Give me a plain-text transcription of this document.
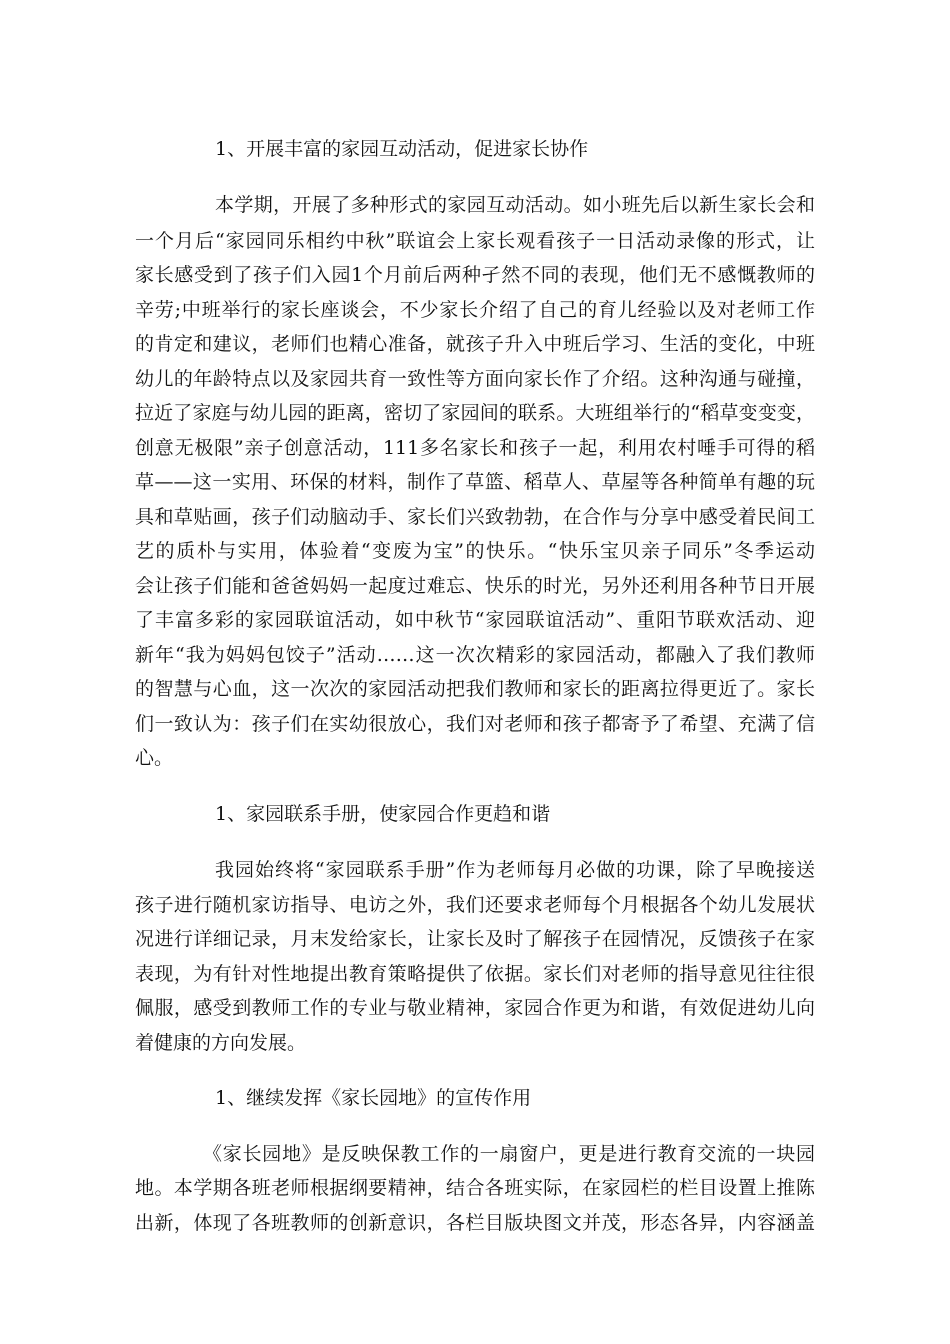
1、开展丰富的家园互动活动，促进家长协作
本学期，开展了多种形式的家园互动活动。如小班先后以新生家长会和
一个月后“家园同乐相约中秋”联谊会上家长观看孩子一日活动录像的形式，让
家长感受到了孩子们入园1个月前后两种孑然不同的表现，他们无不感慨教师的
辛劳;中班举行的家长座谈会，不少家长介绍了自己的育儿经验以及对老师工作
的肯定和建议，老师们也精心准备，就孩子升入中班后学习、生活的变化，中班
幼儿的年龄特点以及家园共育一致性等方面向家长作了介绍。这种沟通与碰撞，
拉近了家庭与幼儿园的距离，密切了家园间的联系。大班组举行的“稻草变变变，
创意无极限”亲子创意活动，111多名家长和孩子一起，利用农村唾手可得的稻
草——这一实用、环保的材料，制作了草篮、稻草人、草屋等各种简单有趣的玩
具和草贴画，孩子们动脑动手、家长们兴致勃勃，在合作与分享中感受着民间工
艺的质朴与实用，体验着“变废为宝”的快乐。“快乐宝贝亲子同乐”冬季运动
会让孩子们能和爸爸妈妈一起度过难忘、快乐的时光，另外还利用各种节日开展
了丰富多彩的家园联谊活动，如中秋节“家园联谊活动”、重阳节联欢活动、迎
新年“我为妈妈包饺子”活动……这一次次精彩的家园活动，都融入了我们教师
的智慧与心血，这一次次的家园活动把我们教师和家长的距离拉得更近了。家长
们一致认为：孩子们在实幼很放心，我们对老师和孩子都寄予了希望、充满了信
心。
1、家园联系手册，使家园合作更趋和谐
我园始终将“家园联系手册”作为老师每月必做的功课，除了早晚接送
孩子进行随机家访指导、电访之外，我们还要求老师每个月根据各个幼儿发展状
况进行详细记录，月末发给家长，让家长及时了解孩子在园情况，反馈孩子在家
表现，为有针对性地提出教育策略提供了依据。家长们对老师的指导意见往往很
佩服，感受到教师工作的专业与敬业精神，家园合作更为和谐，有效促进幼儿向
着健康的方向发展。
1、继续发挥《家长园地》的宣传作用
《家长园地》是反映保教工作的一扇窗户，更是进行教育交流的一块园
地。本学期各班老师根据纲要精神，结合各班实际，在家园栏的栏目设置上推陈
出新，体现了各班教师的创新意识，各栏目版块图文并茂，形态各异，内容涵盖
